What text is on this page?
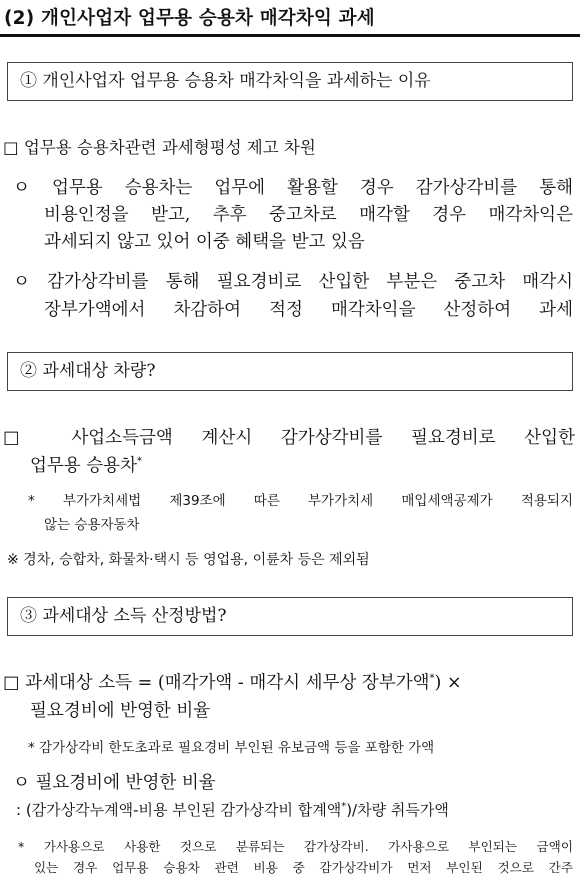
(2) 개인사업자 업무용 승용차 매각차익 과세
① 개인사업자 업무용 승용차 매각차익을 과세하는 이유
□ 업무용 승용차관련 과세형평성 제고 차원
ㅇ 업무용 승용차는 업무에 활용할 경우 감가상각비를 통해
비용인정을 받고, 추후 중고차로 매각할 경우 매각차익은
과세되지 않고 있어 이중 혜택을 받고 있음
ㅇ 감가상각비를 통해 필요경비로 산입한 부분은 중고차 매각시
장부가액에서 차감하여 적정 매각차익을 산정하여 과세
② 과세대상 차량?
□ 사업소득금액 계산시 감가상각비를 필요경비로 산입한
업무용 승용차*
* 부가가치세법 제39조에 따른 부가가치세 매입세액공제가 적용되지
않는 승용자동차
※ 경차, 승합차, 화물차·택시 등 영업용, 이륜차 등은 제외됨
③ 과세대상 소득 산정방법?
□ 과세대상 소득 = (매각가액 - 매각시 세무상 장부가액*) ×
필요경비에 반영한 비율
* 감가상각비 한도초과로 필요경비 부인된 유보금액 등을 포함한 가액
ㅇ 필요경비에 반영한 비율
: (감가상각누계액-비용 부인된 감가상각비 합계액*)/차량 취득가액
* 가사용으로 사용한 것으로 분류되는 감가상각비. 가사용으로 부인되는 금액이
있는 경우 업무용 승용차 관련 비용 중 감가상각비가 먼저 부인된 것으로 간주
